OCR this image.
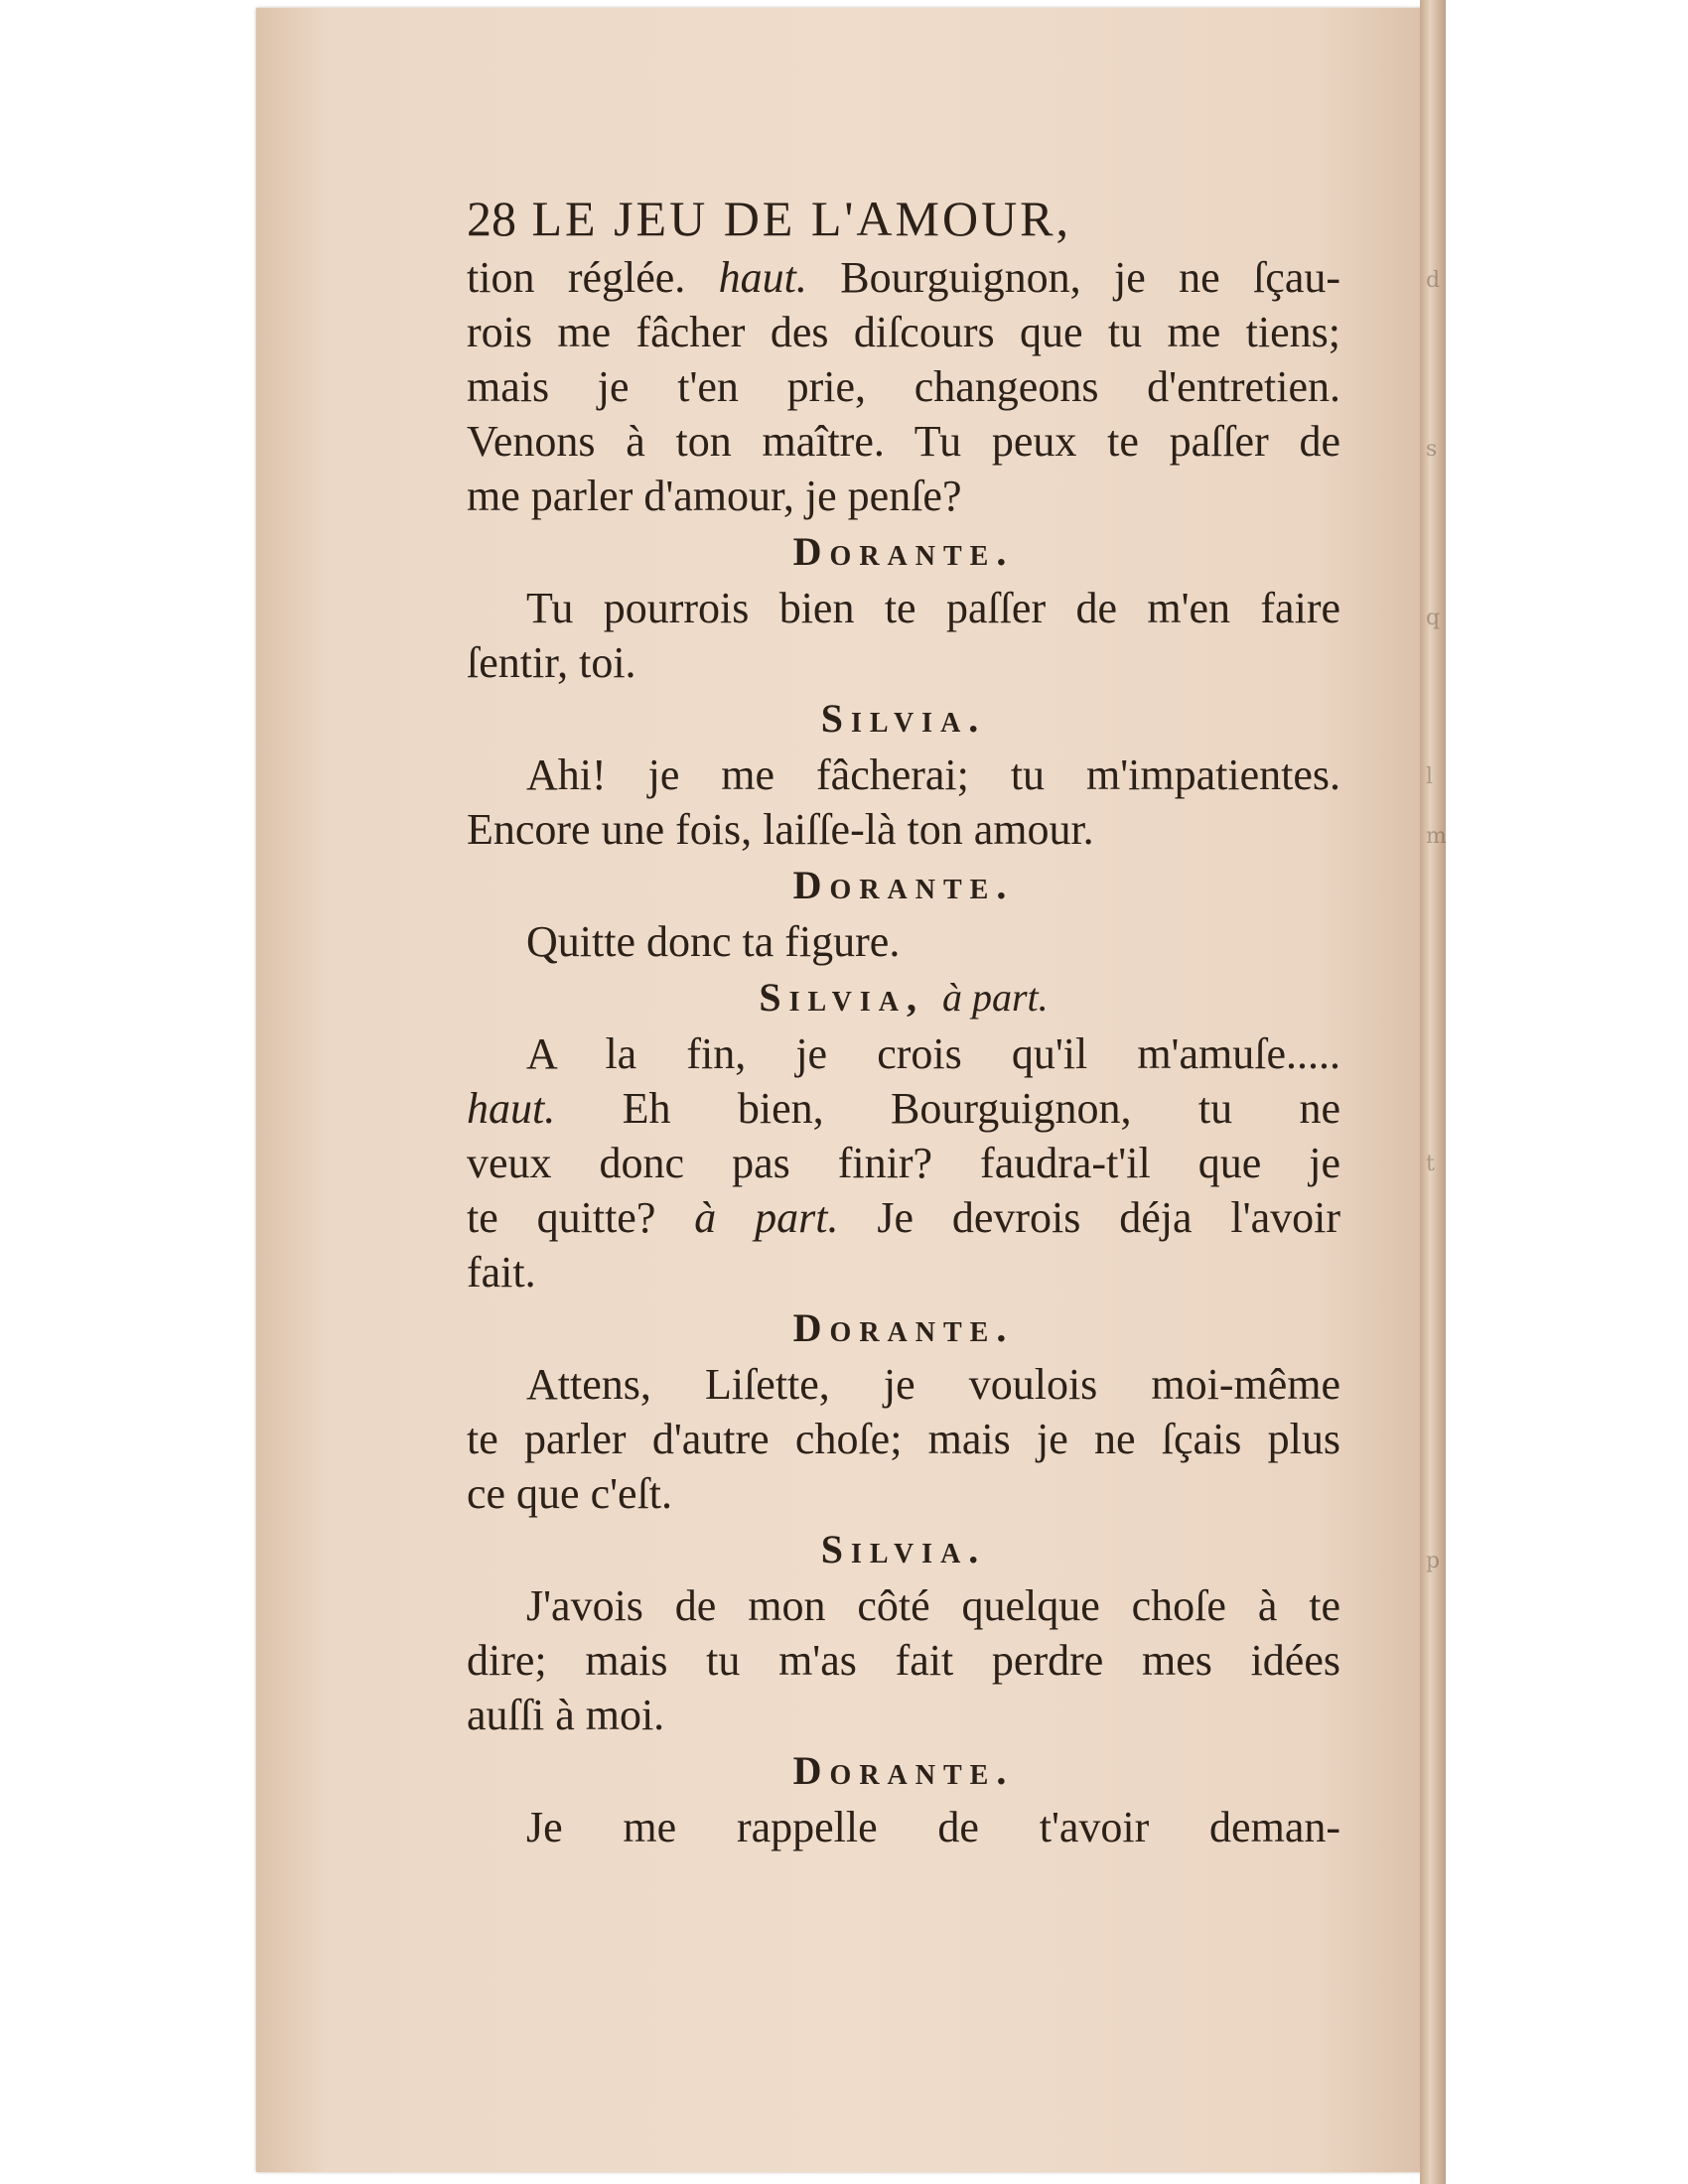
d
s
q
l
m
t
p
28 LE JEU DE L'AMOUR,
tion réglée. haut. Bourguignon, je ne ſçau-
rois me fâcher des diſcours que tu me tiens;
mais je t'en prie, changeons d'entretien.
Venons à ton maître. Tu peux te paſſer de
me parler d'amour, je penſe?
Dorante.
Tu pourrois bien te paſſer de m'en faire
ſentir, toi.
Silvia.
Ahi! je me fâcherai; tu m'impatientes.
Encore une fois, laiſſe-là ton amour.
Dorante.
Quitte donc ta figure.
Silvia, à part.
A la fin, je crois qu'il m'amuſe.....
haut. Eh bien, Bourguignon, tu ne
veux donc pas finir? faudra-t'il que je
te quitte? à part. Je devrois déja l'avoir
fait.
Dorante.
Attens, Liſette, je voulois moi-même
te parler d'autre choſe; mais je ne ſçais plus
ce que c'eſt.
Silvia.
J'avois de mon côté quelque choſe à te
dire; mais tu m'as fait perdre mes idées
auſſi à moi.
Dorante.
Je me rappelle de t'avoir deman-
